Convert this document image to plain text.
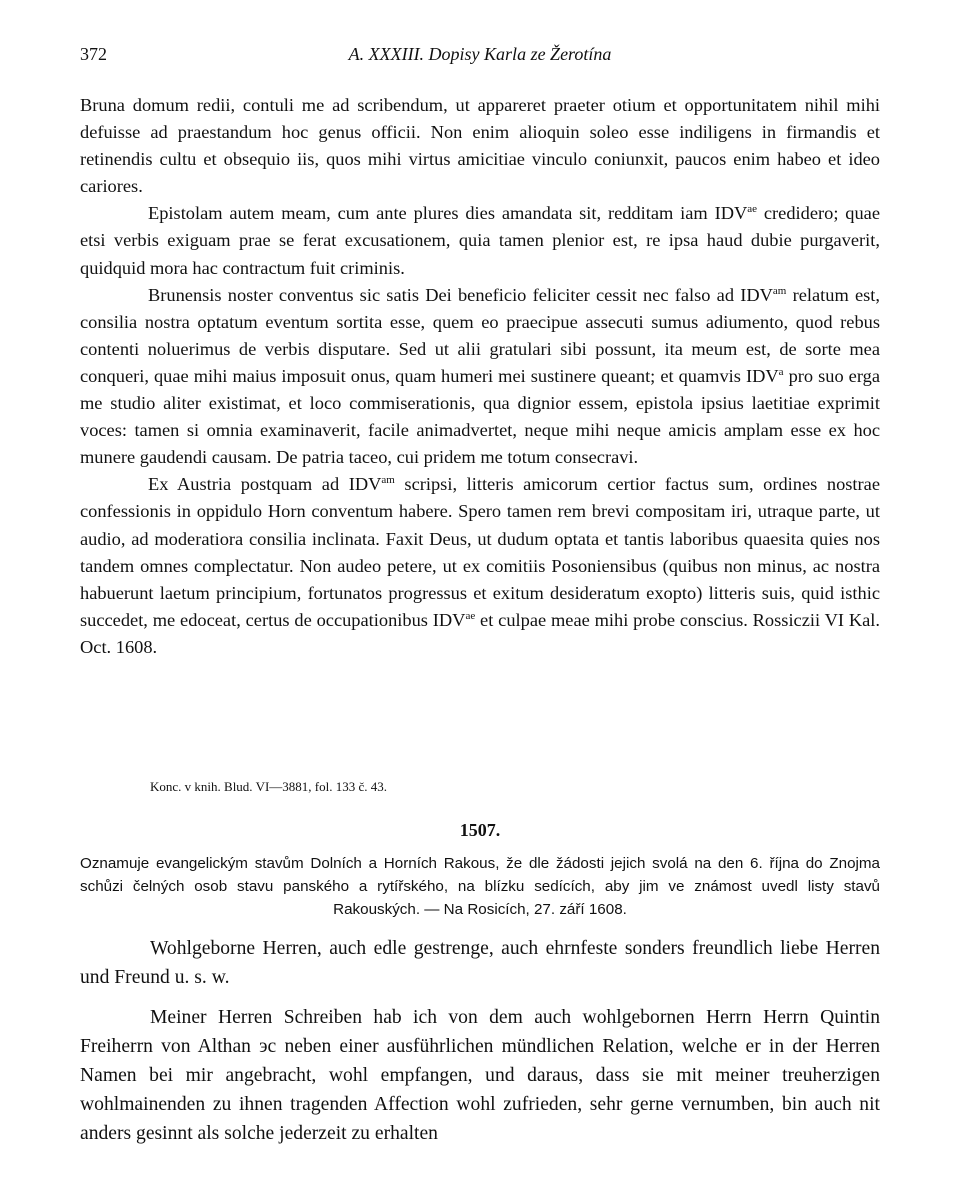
372	A. XXXIII. Dopisy Karla ze Žerotína

Bruna domum redii, contuli me ad scribendum, ut appareret praeter otium et opportunitatem nihil mihi defuisse ad praestandum hoc genus officii. Non enim alioquin soleo esse indiligens in firmandis et retinendis cultu et obsequio iis, quos mihi virtus amicitiae vinculo coniunxit, paucos enim habeo et ideo cariores.

Epistolam autem meam, cum ante plures dies amandata sit, redditam iam $IDV^{ae}$ credidero; quae etsi verbis exiguam prae se ferat excusationem, quia tamen plenior est, re ipsa haud dubie purgaverit, quidquid mora hac contractum fuit criminis.

Brunensis noster conventus sic satis Dei beneficio feliciter cessit nec falso ad $IDV^{am}$ relatum est, consilia nostra optatum eventum sortita esse, quem eo praecipue assecuti sumus adiumento, quod rebus contenti noluerimus de verbis disputare. Sed ut alii gratulari sibi possunt, ita meum est, de sorte mea conqueri, quae mihi maius imposuit onus, quam humeri mei sustinere queant; et quamvis IDV$^a$ pro suo erga me studio aliter existimat, et loco commiserationis, qua dignior essem, epistola ipsius laetitiae exprimit voces: tamen si omnia examinaverit, facile animadvertet, neque mihi neque amicis amplam esse ex hoc munere gaudendi causam. De patria taceo, cui pridem me totum consecravi.

Ex Austria postquam ad $IDV^{am}$ scripsi, litteris amicorum certior factus sum, ordines nostrae confessionis in oppidulo Horn conventum habere. Spero tamen rem brevi compositam iri, utraque parte, ut audio, ad moderatiora consilia inclinata. Faxit Deus, ut dudum optata et tantis laboribus quaesita quies nos tandem omnes complectatur. Non audeo petere, ut ex comitiis Posoniensibus (quibus non minus, ac nostra habuerunt laetum principium, fortunatos progressus et exitum desideratum exopto) litteris suis, quid isthic succedet, me edoceat, certus de occupationibus $IDV^{ae}$ et culpae meae mihi probe conscius. Rossiczii VI Kal. Oct. 1608.

Konc. v knih. Blud. VI—3881, fol. 133 č. 43.
1507.
Oznamuje evangelickým stavům Dolních a Horních Rakous, že dle žádosti jejich svolá na den 6. října do Znojma schůzi čelných osob stavu panského a rytířského, na blízku sedících, aby jim ve známost uvedl listy stavů Rakouských. — Na Rosicích, 27. září 1608.

Wohlgeborne Herren, auch edle gestrenge, auch ehrnfeste sonders freundlich liebe Herren und Freund u. s. w.

Meiner Herren Schreiben hab ich von dem auch wohlgebornen Herrn Herrn Quintin Freiherrn von Althan эc neben einer ausführlichen mündlichen Relation, welche er in der Herren Namen bei mir angebracht, wohl empfangen, und daraus, dass sie mit meiner treuherzigen wohlmainenden zu ihnen tragenden Affection wohl zufrieden, sehr gerne vernumben, bin auch nit anders gesinnt als solche jederzeit zu erhalten
